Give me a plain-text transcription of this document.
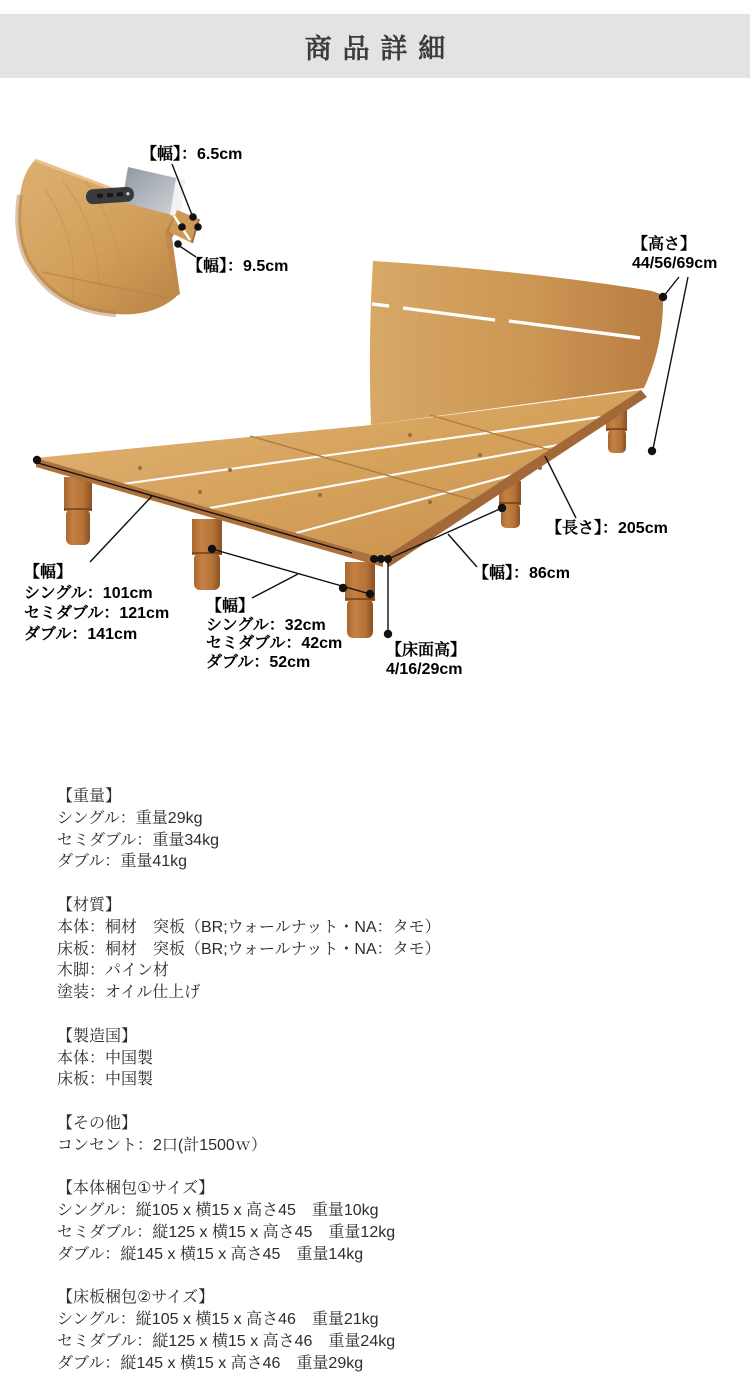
商品詳細
【幅】：6.5cm
【幅】：9.5cm
【高さ】
44/56/69cm
【長さ】：205cm
【幅】：86cm
【幅】
シングル：101cm
セミダブル：121cm
ダブル：141cm
【幅】
シングル：32cm
セミダブル：42cm
ダブル：52cm
【床面高】
4/16/29cm
【重量】
シングル：重量29kg
セミダブル：重量34kg
ダブル：重量41kg
【材質】
本体：桐材　突板（BR;ウォールナット・NA：タモ）
床板：桐材　突板（BR;ウォールナット・NA：タモ）
木脚：パイン材
塗装：オイル仕上げ
【製造国】
本体：中国製
床板：中国製
【その他】
コンセント：2口(計1500ｗ）
【本体梱包①サイズ】
シングル：縦105 x 横15 x 高さ45　重量10kg
セミダブル：縦125 x 横15 x 高さ45　重量12kg
ダブル：縦145 x 横15 x 高さ45　重量14kg
【床板梱包②サイズ】
シングル：縦105 x 横15 x 高さ46　重量21kg
セミダブル：縦125 x 横15 x 高さ46　重量24kg
ダブル：縦145 x 横15 x 高さ46　重量29kg
